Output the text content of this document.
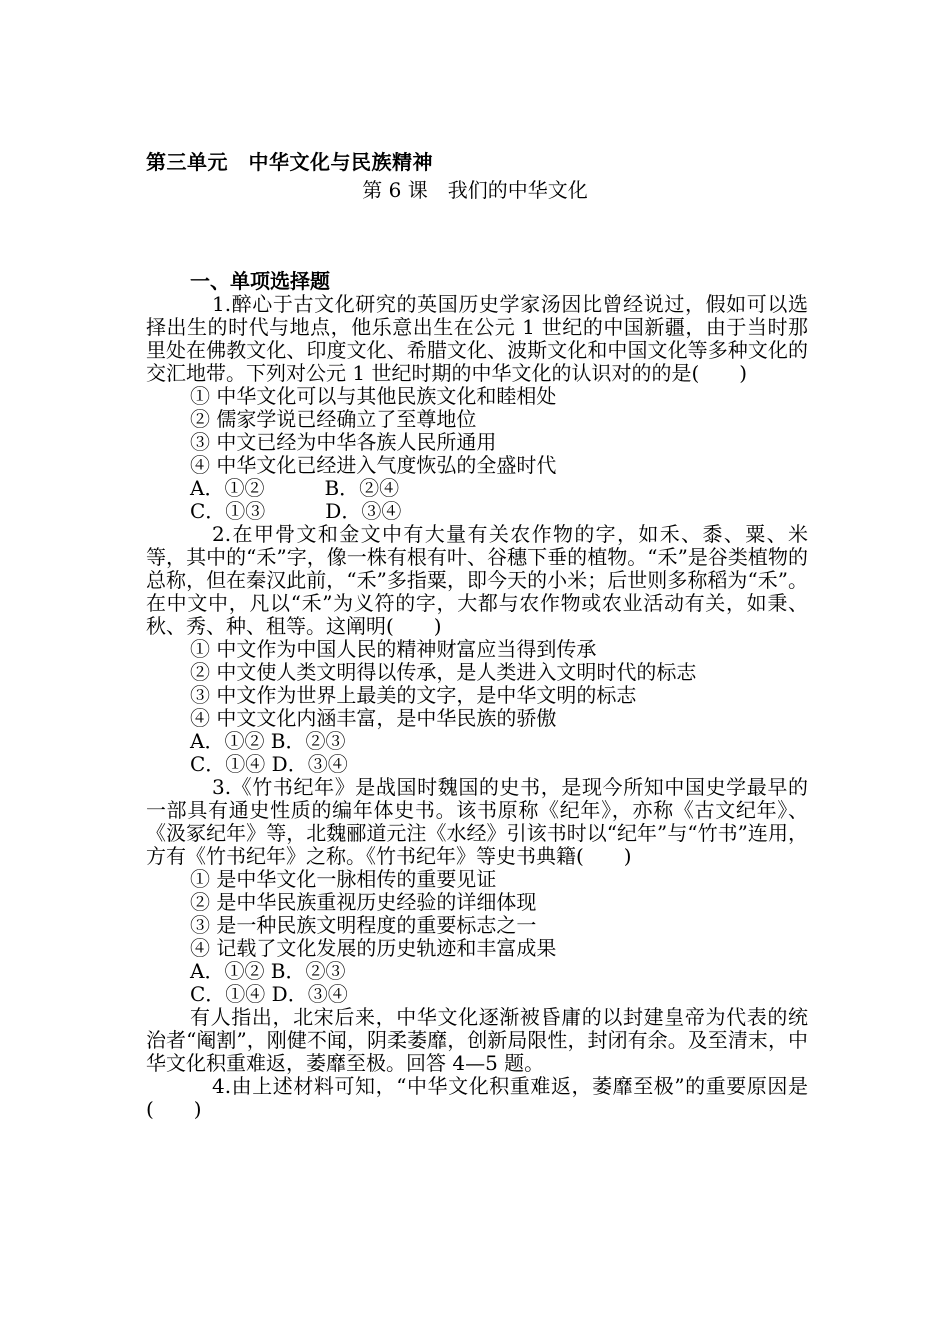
第三单元　中华文化与民族精神
第 6 课　我们的中华文化
一、单项选择题

1.醉心于古文化研究的英国历史学家汤因比曾经说过，假如可以选择出生的时代与地点，他乐意出生在公元 1 世纪的中国新疆，由于当时那里处在佛教文化、印度文化、希腊文化、波斯文化和中国文化等多种文化的交汇地带。下列对公元 1 世纪时期的中华文化的认识对的的是(　　)

① 中华文化可以与其他民族文化和睦相处

② 儒家学说已经确立了至尊地位

③ 中文已经为中华各族人民所通用

④ 中华文化已经进入气度恢弘的全盛时代

A．①②　　　B．②④

C．①③　　　D．③④

2.在甲骨文和金文中有大量有关农作物的字，如禾、黍、粟、米等，其中的“禾”字，像一株有根有叶、谷穗下垂的植物。“禾”是谷类植物的总称，但在秦汉此前，“禾”多指粟，即今天的小米；后世则多称稻为“禾”。在中文中，凡以“禾”为义符的字，大都与农作物或农业活动有关，如秉、秋、秀、种、租等。这阐明(　　)

① 中文作为中国人民的精神财富应当得到传承

② 中文使人类文明得以传承，是人类进入文明时代的标志

③ 中文作为世界上最美的文字，是中华文明的标志

④ 中文文化内涵丰富，是中华民族的骄傲

A．①② B．②③

C．①④ D．③④

3.《竹书纪年》是战国时魏国的史书，是现今所知中国史学最早的一部具有通史性质的编年体史书。该书原称《纪年》，亦称《古文纪年》、《汲冢纪年》等，北魏郦道元注《水经》引该书时以“纪年”与“竹书”连用，方有《竹书纪年》之称。《竹书纪年》等史书典籍(　　)

① 是中华文化一脉相传的重要见证

② 是中华民族重视历史经验的详细体现

③ 是一种民族文明程度的重要标志之一

④ 记载了文化发展的历史轨迹和丰富成果

A．①② B．②③

C．①④ D．③④

有人指出，北宋后来，中华文化逐渐被昏庸的以封建皇帝为代表的统治者“阉割”，刚健不闻，阴柔萎靡，创新局限性，封闭有余。及至清末，中华文化积重难返，萎靡至极。回答 4—5 题。

4.由上述材料可知，“中华文化积重难返，萎靡至极”的重要原因是(　　)
